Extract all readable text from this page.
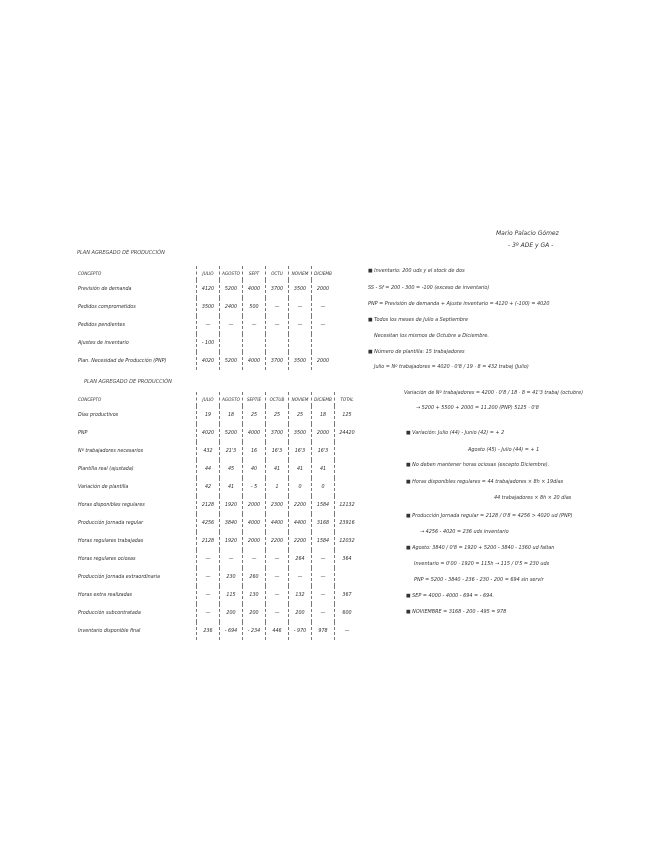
Mario Palacio Gómez
- 3º ADE y GA -
PLAN AGREGADO DE PRODUCCIÓN
CONCEPTO	JULIO	AGOSTO	SEPT	OCTU	NOVIEM	DICIEMB
Previsión de demanda	4120	5200	4000	3700	3500	2000
Pedidos comprometidos	3500	2400	500	—	—	—
Pedidos pendientes	—	—	—	—	—	—
Ajustes de inventario	- 100					
Plan. Necesidad de Producción (PNP)	4020	5200	4000	3700	3500	2000
PLAN AGREGADO DE PRODUCCIÓN
CONCEPTO	JULIO	AGOSTO	SEPTIE	OCTUB	NOVIEM	DICIEMB	TOTAL
Días productivos	19	18	25	25	25	18	125
PNP	4020	5200	4000	3700	3500	2000	24420
Nº trabajadores necesarios	432	21'3	16	16'3	16'3	16'3	
Plantilla real (ajustada)	44	45	40	41	41	41	
Variación de plantilla	42	41	- 5	1	0	0	
Horas disponibles regulares	2128	1920	2000	2300	2200	1584	12132
Producción Jornada regular	4256	3840	4000	4400	4400	3168	23916
Horas regulares trabajadas	2128	1920	2000	2200	2200	1584	12032
Horas regulares ociosas	—	—	—	—	264	—	364
Producción Jornada extraordinaria	—	230	260	—	—	—	
Horas extra realizadas	—	115	130	—	132	—	367
Producción subcontratada	—	200	200	—	200	—	600
Inventario disponible final	236	- 694	- 234	446	- 970	978	—
■ Inventario: 200 uds y el stock de dos
SS - Sf = 200 - 300 = -100 (exceso de inventario)
PNP = Previsión de demanda + Ajuste inventario = 4120 + (-100) = 4020
■ Todos los meses de Julio a Septiembre
Necesitan los mismos de Octubre a Diciembre.
■ Número de plantilla: 15 trabajadores
Julio = Nº trabajadores = 4020 · 0'8 / 19 · 8 = 432 trabaj (Julio)
Variación de Nº trabajadores = 4200 · 0'8 / 18 · 8 = 41'3 trabaj (octubre)
→ 5200 + 5500 + 2000 = 11.200 (PNP) 5125 · 0'8
■ Variación: Julio (44) - Junio (42) = + 2
Agosto (45) - Julio (44) = + 1
■ No deben mantener horas ociosas (excepto Diciembre).
■ Horas disponibles regulares = 44 trabajadores × 8h × 19días
44 trabajadores × 8h × 20 días
■ Producción Jornada regular = 2128 / 0'8 = 4256 > 4020 ud (PNP)
→ 4256 - 4020 = 236 uds inventario
■ Agosto: 3840 / 0'8 = 1920 + 5200 - 3840 - 1360 ud faltan
Inventario = 0'00 · 1920 = 115h → 115 / 0'5 = 230 uds
PNP = 5200 - 3840 - 236 - 230 - 200 = 694 sin servir
■ SEP = 4000 - 4000 - 694 = - 694.
■ NOVIEMBRE = 3168 - 200 - 495 = 978
